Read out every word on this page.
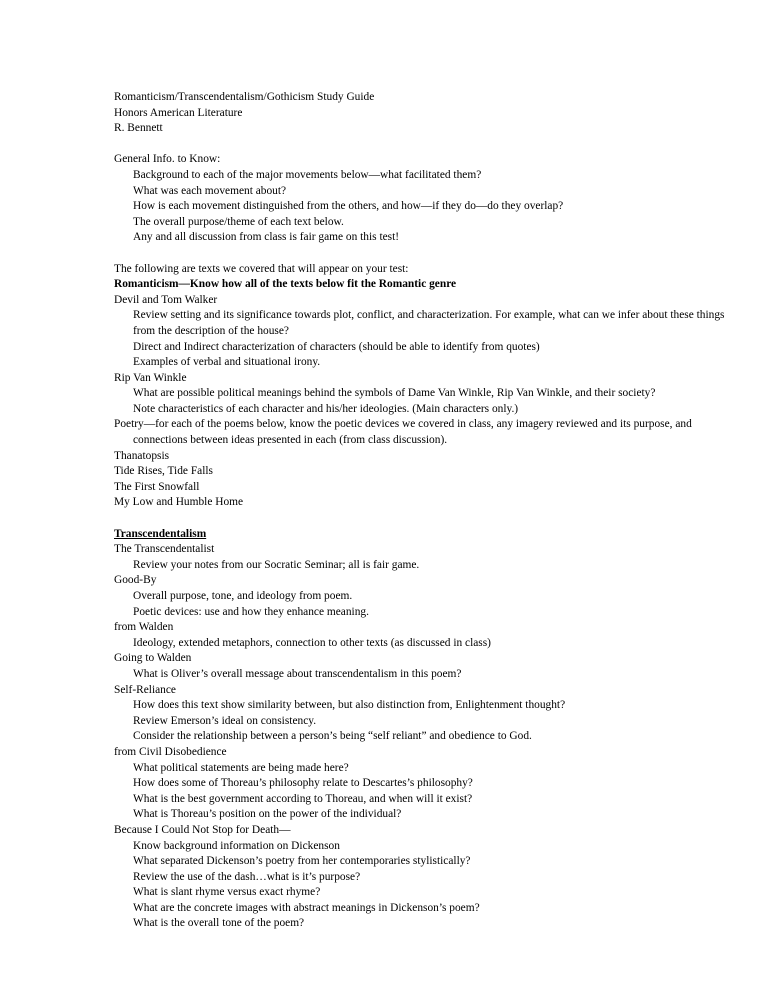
Romanticism/Transcendentalism/Gothicism Study Guide

Honors American Literature

R. Bennett

General Info. to Know:

Background to each of the major movements below—what facilitated them?

What was each movement about?

How is each movement distinguished from the others, and how—if they do—do they overlap?

The overall purpose/theme of each text below.

Any and all discussion from class is fair game on this test!

The following are texts we covered that will appear on your test:

Romanticism—Know how all of the texts below fit the Romantic genre

Devil and Tom Walker

Review setting and its significance towards plot, conflict, and characterization. For example, what can we infer about these things from the description of the house?

Direct and Indirect characterization of characters (should be able to identify from quotes)

Examples of verbal and situational irony.

Rip Van Winkle

What are possible political meanings behind the symbols of Dame Van Winkle, Rip Van Winkle, and their society?

Note characteristics of each character and his/her ideologies. (Main characters only.)

Poetry—for each of the poems below, know the poetic devices we covered in class, any imagery reviewed and its purpose, and connections between ideas presented in each (from class discussion).

Thanatopsis

Tide Rises, Tide Falls

The First Snowfall

My Low and Humble Home

Transcendentalism

The Transcendentalist

Review your notes from our Socratic Seminar; all is fair game.

Good-By

Overall purpose, tone, and ideology from poem.

Poetic devices: use and how they enhance meaning.

from Walden

Ideology, extended metaphors, connection to other texts (as discussed in class)

Going to Walden

What is Oliver’s overall message about transcendentalism in this poem?

Self-Reliance

How does this text show similarity between, but also distinction from, Enlightenment thought?

Review Emerson’s ideal on consistency.

Consider the relationship between a person’s being “self reliant” and obedience to God.

from Civil Disobedience

What political statements are being made here?

How does some of Thoreau’s philosophy relate to Descartes’s philosophy?

What is the best government according to Thoreau, and when will it exist?

What is Thoreau’s position on the power of the individual?

Because I Could Not Stop for Death—

Know background information on Dickenson

What separated Dickenson’s poetry from her contemporaries stylistically?

Review the use of the dash…what is it’s purpose?

What is slant rhyme versus exact rhyme?

What are the concrete images with abstract meanings in Dickenson’s poem?

What is the overall tone of the poem?
